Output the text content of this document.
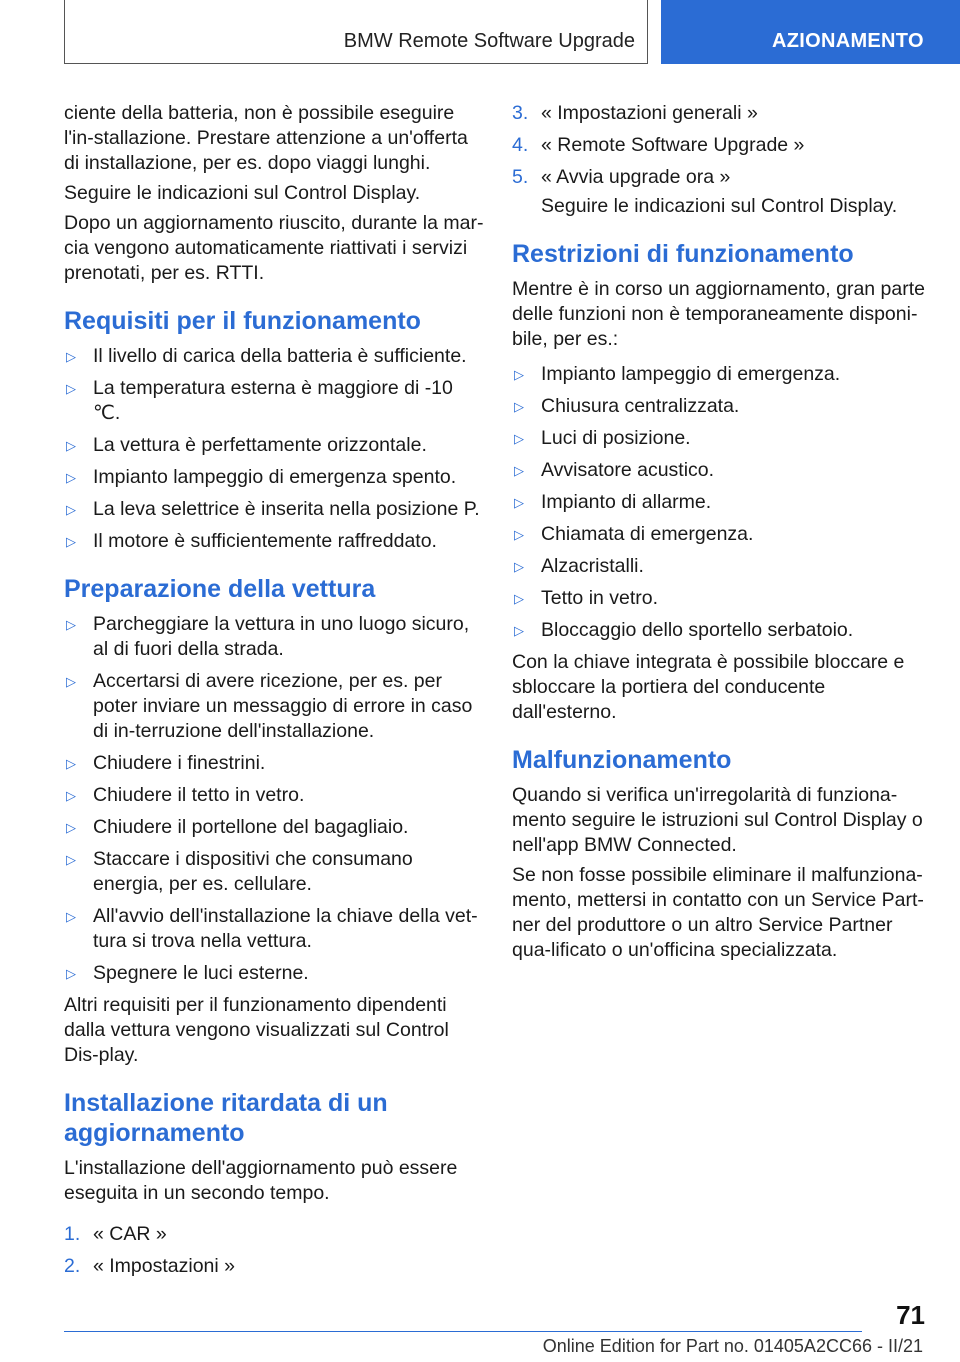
BMW Remote Software Upgrade	AZIONAMENTO

ciente della batteria, non è possibile eseguire l'in-stallazione. Prestare attenzione a un'offerta di installazione, per es. dopo viaggi lunghi.

Seguire le indicazioni sul Control Display.

Dopo un aggiornamento riuscito, durante la mar-cia vengono automaticamente riattivati i servizi prenotati, per es. RTTI.

Requisiti per il funzionamento
▷ Il livello di carica della batteria è sufficiente.
▷ La temperatura esterna è maggiore di -10 ℃.
▷ La vettura è perfettamente orizzontale.
▷ Impianto lampeggio di emergenza spento.
▷ La leva selettrice è inserita nella posizione P.
▷ Il motore è sufficientemente raffreddato.
Preparazione della vettura
▷ Parcheggiare la vettura in uno luogo sicuro, al di fuori della strada.
▷ Accertarsi di avere ricezione, per es. per poter inviare un messaggio di errore in caso di in-terruzione dell'installazione.
▷ Chiudere i finestrini.
▷ Chiudere il tetto in vetro.
▷ Chiudere il portellone del bagagliaio.
▷ Staccare i dispositivi che consumano energia, per es. cellulare.
▷ All'avvio dell'installazione la chiave della vet-tura si trova nella vettura.
▷ Spegnere le luci esterne.

Altri requisiti per il funzionamento dipendenti dalla vettura vengono visualizzati sul Control Dis-play.

Installazione ritardata di un aggiornamento

L'installazione dell'aggiornamento può essere eseguita in un secondo tempo.

1. « CAR »
2. « Impostazioni »
3. « Impostazioni generali »
4. « Remote Software Upgrade »
5. « Avvia upgrade ora »

Seguire le indicazioni sul Control Display.

Restrizioni di funzionamento

Mentre è in corso un aggiornamento, gran parte delle funzioni non è temporaneamente disponi-bile, per es.:

▷ Impianto lampeggio di emergenza.
▷ Chiusura centralizzata.
▷ Luci di posizione.
▷ Avvisatore acustico.
▷ Impianto di allarme.
▷ Chiamata di emergenza.
▷ Alzacristalli.
▷ Tetto in vetro.
▷ Bloccaggio dello sportello serbatoio.

Con la chiave integrata è possibile bloccare e sbloccare la portiera del conducente dall'esterno.

Malfunzionamento

Quando si verifica un'irregolarità di funziona-mento seguire le istruzioni sul Control Display o nell'app BMW Connected.

Se non fosse possibile eliminare il malfunziona-mento, mettersi in contatto con un Service Part-ner del produttore o un altro Service Partner qua-lificato o un'officina specializzata.

71
Online Edition for Part no. 01405A2CC66 - II/21
